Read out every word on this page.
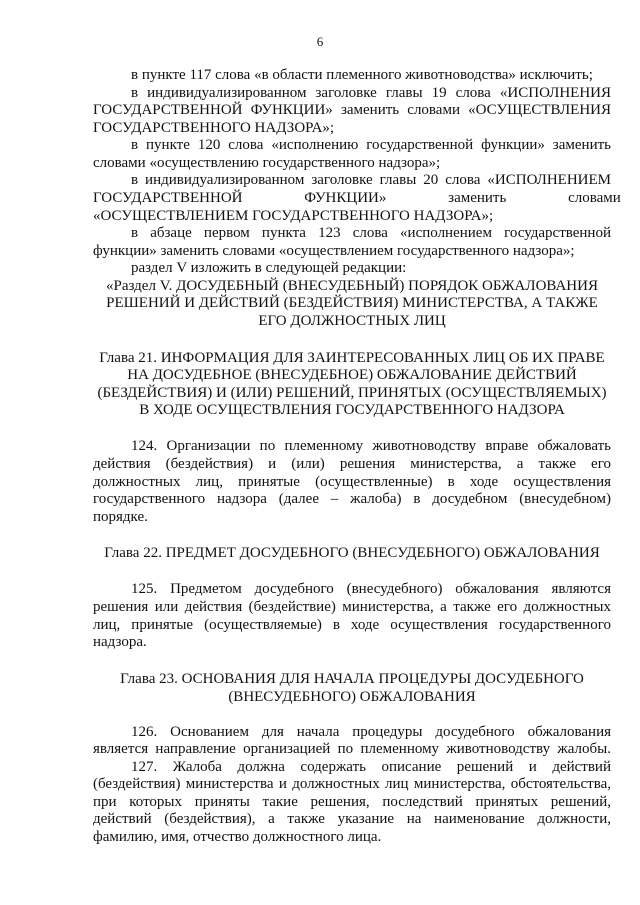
6
в пункте 117 слова «в области племенного животноводства» исключить;
в индивидуализированном заголовке главы 19 слова «ИСПОЛНЕНИЯ
ГОСУДАРСТВЕННОЙ ФУНКЦИИ» заменить словами «ОСУЩЕСТВЛЕНИЯ
ГОСУДАРСТВЕННОГО НАДЗОРА»;
в пункте 120 слова «исполнению государственной функции» заменить
словами «осуществлению государственного надзора»;
в индивидуализированном заголовке главы 20 слова «ИСПОЛНЕНИЕМ
ГОСУДАРСТВЕННОЙ ФУНКЦИИ» заменить словами
«ОСУЩЕСТВЛЕНИЕМ ГОСУДАРСТВЕННОГО НАДЗОРА»;
в абзаце первом пункта 123 слова «исполнением государственной
функции» заменить словами «осуществлением государственного надзора»;
раздел V изложить в следующей редакции:
«Раздел V. ДОСУДЕБНЫЙ (ВНЕСУДЕБНЫЙ) ПОРЯДОК ОБЖАЛОВАНИЯ
РЕШЕНИЙ И ДЕЙСТВИЙ (БЕЗДЕЙСТВИЯ) МИНИСТЕРСТВА, А ТАКЖЕ
ЕГО ДОЛЖНОСТНЫХ ЛИЦ
Глава 21. ИНФОРМАЦИЯ ДЛЯ ЗАИНТЕРЕСОВАННЫХ ЛИЦ ОБ ИХ ПРАВЕ
НА ДОСУДЕБНОЕ (ВНЕСУДЕБНОЕ) ОБЖАЛОВАНИЕ ДЕЙСТВИЙ
(БЕЗДЕЙСТВИЯ) И (ИЛИ) РЕШЕНИЙ, ПРИНЯТЫХ (ОСУЩЕСТВЛЯЕМЫХ)
В ХОДЕ ОСУЩЕСТВЛЕНИЯ ГОСУДАРСТВЕННОГО НАДЗОРА
124. Организации по племенному животноводству вправе обжаловать
действия (бездействия) и (или) решения министерства, а также его
должностных лиц, принятые (осуществленные) в ходе осуществления
государственного надзора (далее – жалоба) в досудебном (внесудебном)
порядке.
Глава 22. ПРЕДМЕТ ДОСУДЕБНОГО (ВНЕСУДЕБНОГО) ОБЖАЛОВАНИЯ
125. Предметом досудебного (внесудебного) обжалования являются
решения или действия (бездействие) министерства, а также его должностных
лиц, принятые (осуществляемые) в ходе осуществления государственного
надзора.
Глава 23. ОСНОВАНИЯ ДЛЯ НАЧАЛА ПРОЦЕДУРЫ ДОСУДЕБНОГО
(ВНЕСУДЕБНОГО) ОБЖАЛОВАНИЯ
126. Основанием для начала процедуры досудебного обжалования
является направление организацией по племенному животноводству жалобы.
127. Жалоба должна содержать описание решений и действий
(бездействия) министерства и должностных лиц министерства, обстоятельства,
при которых приняты такие решения, последствий принятых решений,
действий (бездействия), а также указание на наименование должности,
фамилию, имя, отчество должностного лица.
